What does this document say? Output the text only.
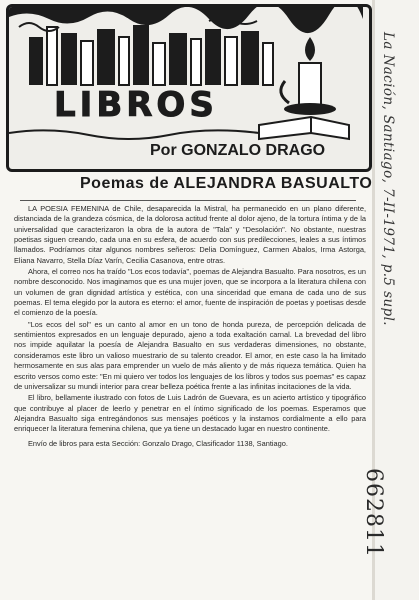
LIBROS
Por GONZALO DRAGO
Poemas de ALEJANDRA BASUALTO

LA POESIA FEMENINA de Chile, desaparecida la Mistral, ha permanecido en un plano diferente, distanciada de la grandeza cósmica, de la dolorosa actitud frente al dolor ajeno, de la tortura íntima y de la universalidad que caracterizaron la obra de la autora de "Tala" y "Desolación". No obstante, nuestras poetisas siguen creando, cada una en su esfera, de acuerdo con sus predilecciones, leales a sus íntimos llamados. Podríamos citar algunos nombres señeros: Delia Domínguez, Carmen Abalos, Irma Astorga, Eliana Navarro, Stella Díaz Varín, Cecilia Casanova, entre otras.

Ahora, el correo nos ha traído "Los ecos todavía", poemas de Alejandra Basualto. Para nosotros, es un nombre desconocido. Nos imaginamos que es una mujer joven, que se incorpora a la literatura chilena con un volumen de gran dignidad artística y estética, con una sinceridad que emana de cada uno de sus poemas. El tema elegido por la autora es eterno: el amor, fuente de inspiración de poetas y poetisas desde el comienzo de la poesía.

"Los ecos del sol" es un canto al amor en un tono de honda pureza, de percepción delicada de sentimientos expresados en un lenguaje depurado, ajeno a toda exaltación carnal. La brevedad del libro nos impide aquilatar la poesía de Alejandra Basualto en sus verdaderas dimensiones, no obstante, consideramos este libro un valioso muestrario de su talento creador. El amor, en este caso la ha limitado hermosamente en sus alas para emprender un vuelo de más aliento y de más riqueza temática. Quien ha escrito versos como este: "En mi quiero ver todos los lenguajes de los libros y todos sus poemas" es capaz de universalizar su mundi interior para crear belleza poética frente a las infinitas incitaciones de la vida.

El libro, bellamente ilustrado con fotos de Luis Ladrón de Guevara, es un acierto artístico y tipográfico que contribuye al placer de leerlo y penetrar en el íntimo significado de los poemas. Esperamos que Alejandra Basualto siga entregándonos sus mensajes poéticos y la instamos cordialmente a ello para enriquecer la literatura femenina chilena, que ya tiene un destacado lugar en nuestro continente.

Envío de libros para esta Sección: Gonzalo Drago, Clasificador 1138, Santiago.

La Nación, Santiago, 7-II-1971, p.5 supl.
662811
